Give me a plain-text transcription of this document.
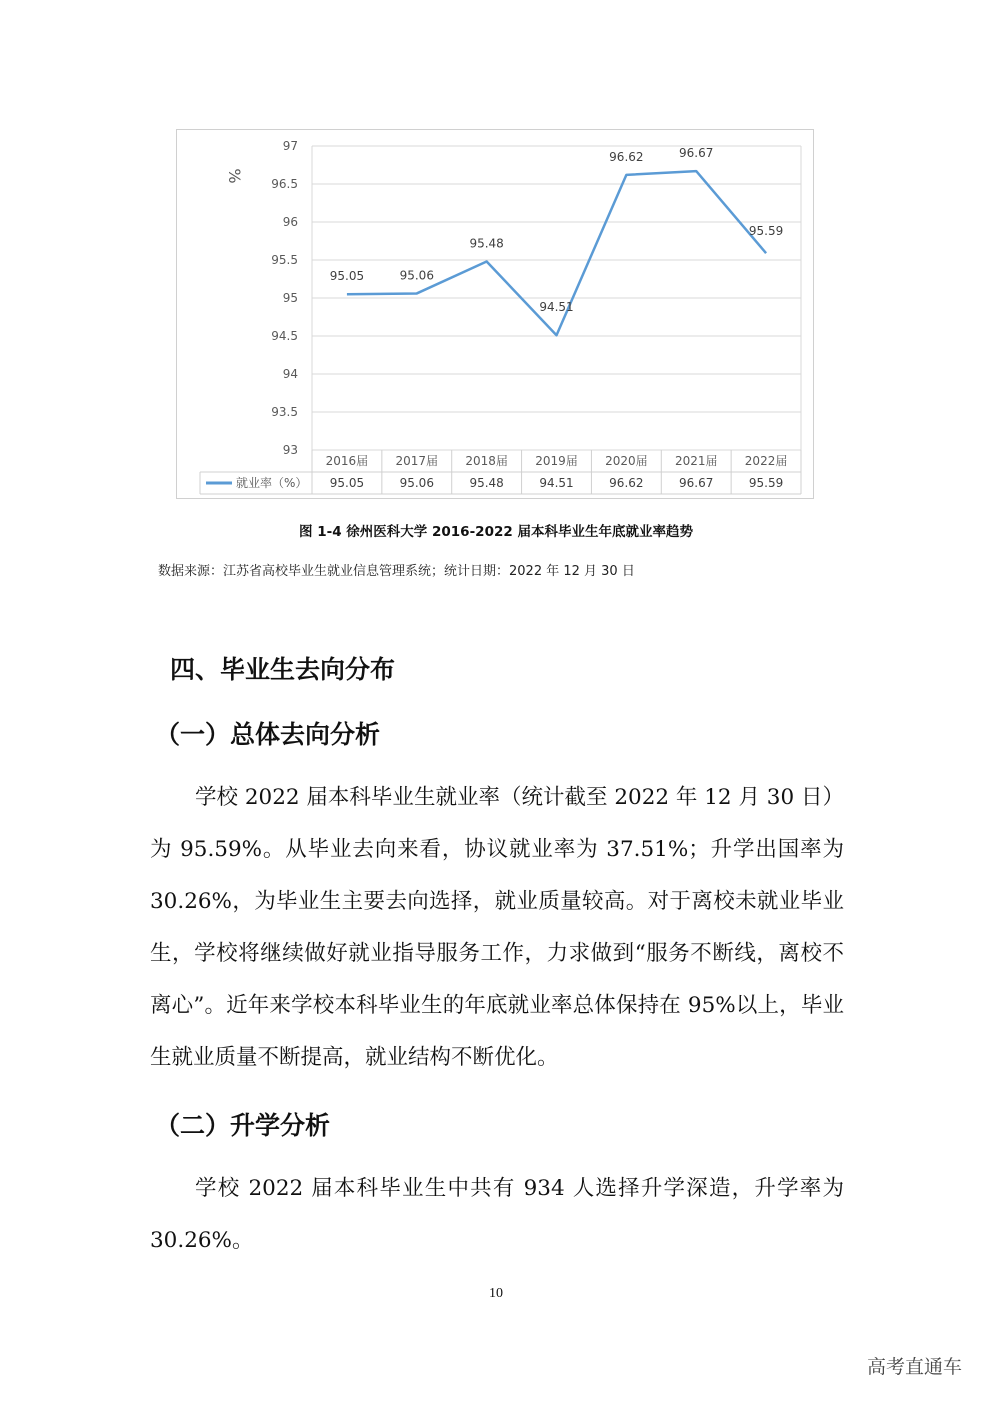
97
96.5
96
95.5
95
94.5
94
93.5
93
%
2016届
95.05
2017届
95.06
2018届
95.48
2019届
94.51
2020届
96.62
2021届
96.67
2022届
95.59
就业率（%）
95.05	95.06
95.48
94.51
96.62	96.67
95.59
图 1-4 徐州医科大学 2016-2022 届本科毕业生年底就业率趋势
数据来源：江苏省高校毕业生就业信息管理系统；统计日期：2022 年 12 月 30 日
四、毕业生去向分布
（一）总体去向分析
学校 2022 届本科毕业生就业率（统计截至 2022 年 12 月 30 日）为 95.59%。从毕业去向来看，协议就业率为 37.51%；升学出国率为 30.26%，为毕业生主要去向选择，就业质量较高。对于离校未就业毕业生，学校将继续做好就业指导服务工作，力求做到“服务不断线，离校不离心”。近年来学校本科毕业生的年底就业率总体保持在 95%以上，毕业生就业质量不断提高，就业结构不断优化。
（二）升学分析
学校 2022 届本科毕业生中共有 934 人选择升学深造，升学率为 30.26%。
10
高考直通车
